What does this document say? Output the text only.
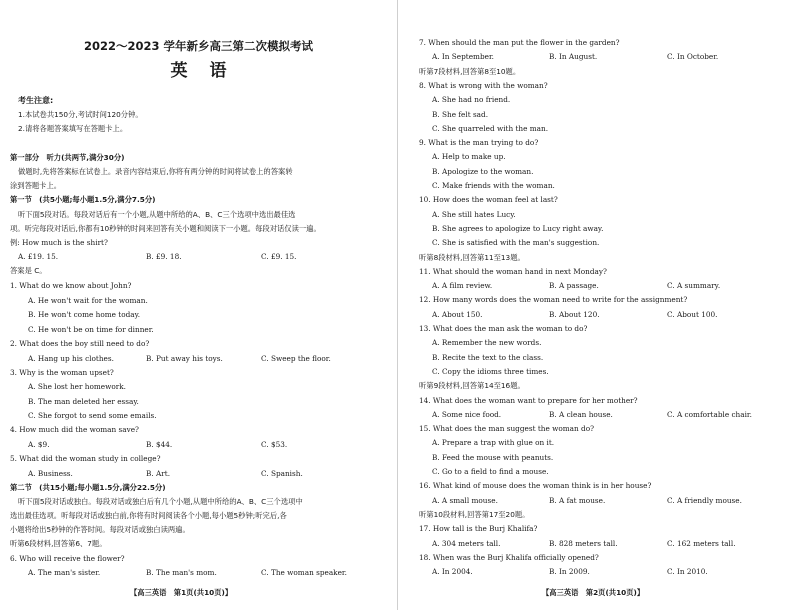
2022～2023 学年新乡高三第二次模拟考试
英语
考生注意:
1.本试卷共150分,考试时间120分钟。
2.请将各题答案填写在答题卡上。
第一部分　听力(共两节,满分30分)
做题时,先将答案标在试卷上。录音内容结束后,你将有两分钟的时间将试卷上的答案转
涂到答题卡上。
第一节　(共5小题;每小题1.5分,满分7.5分)
听下面5段对话。每段对话后有一个小题,从题中所给的A、B、C三个选项中选出最佳选
项。听完每段对话后,你都有10秒钟的时间来回答有关小题和阅读下一小题。每段对话仅读一遍。
例: How much is the shirt?
A. £19. 15.	B. £9. 18.	C. £9. 15.
答案是 C。
1. What do we know about John?
A. He won't wait for the woman.
B. He won't come home today.
C. He won't be on time for dinner.
2. What does the boy still need to do?
A. Hang up his clothes.	B. Put away his toys.	C. Sweep the floor.
3. Why is the woman upset?
A. She lost her homework.
B. The man deleted her essay.
C. She forgot to send some emails.
4. How much did the woman save?
A. $9.	B. $44.	C. $53.
5. What did the woman study in college?
A. Business.	B. Art.	C. Spanish.
第二节　(共15小题;每小题1.5分,满分22.5分)
听下面5段对话或独白。每段对话或独白后有几个小题,从题中所给的A、B、C三个选项中
选出最佳选项。听每段对话或独白前,你将有时间阅读各个小题,每小题5秒钟;听完后,各
小题将给出5秒钟的作答时间。每段对话或独白读两遍。
听第6段材料,回答第6、7题。
6. Who will receive the flower?
A. The man's sister.	B. The man's mom.	C. The woman speaker.
【高三英语　第1页(共10页)】
7. When should the man put the flower in the garden?
A. In September.	B. In August.	C. In October.
听第7段材料,回答第8至10题。
8. What is wrong with the woman?
A. She had no friend.
B. She felt sad.
C. She quarreled with the man.
9. What is the man trying to do?
A. Help to make up.
B. Apologize to the woman.
C. Make friends with the woman.
10. How does the woman feel at last?
A. She still hates Lucy.
B. She agrees to apologize to Lucy right away.
C. She is satisfied with the man's suggestion.
听第8段材料,回答第11至13题。
11. What should the woman hand in next Monday?
A. A film review.	B. A passage.	C. A summary.
12. How many words does the woman need to write for the assignment?
A. About 150.	B. About 120.	C. About 100.
13. What does the man ask the woman to do?
A. Remember the new words.
B. Recite the text to the class.
C. Copy the idioms three times.
听第9段材料,回答第14至16题。
14. What does the woman want to prepare for her mother?
A. Some nice food.	B. A clean house.	C. A comfortable chair.
15. What does the man suggest the woman do?
A. Prepare a trap with glue on it.
B. Feed the mouse with peanuts.
C. Go to a field to find a mouse.
16. What kind of mouse does the woman think is in her house?
A. A small mouse.	B. A fat mouse.	C. A friendly mouse.
听第10段材料,回答第17至20题。
17. How tall is the Burj Khalifa?
A. 304 meters tall.	B. 828 meters tall.	C. 162 meters tall.
18. When was the Burj Khalifa officially opened?
A. In 2004.	B. In 2009.	C. In 2010.
【高三英语　第2页(共10页)】
